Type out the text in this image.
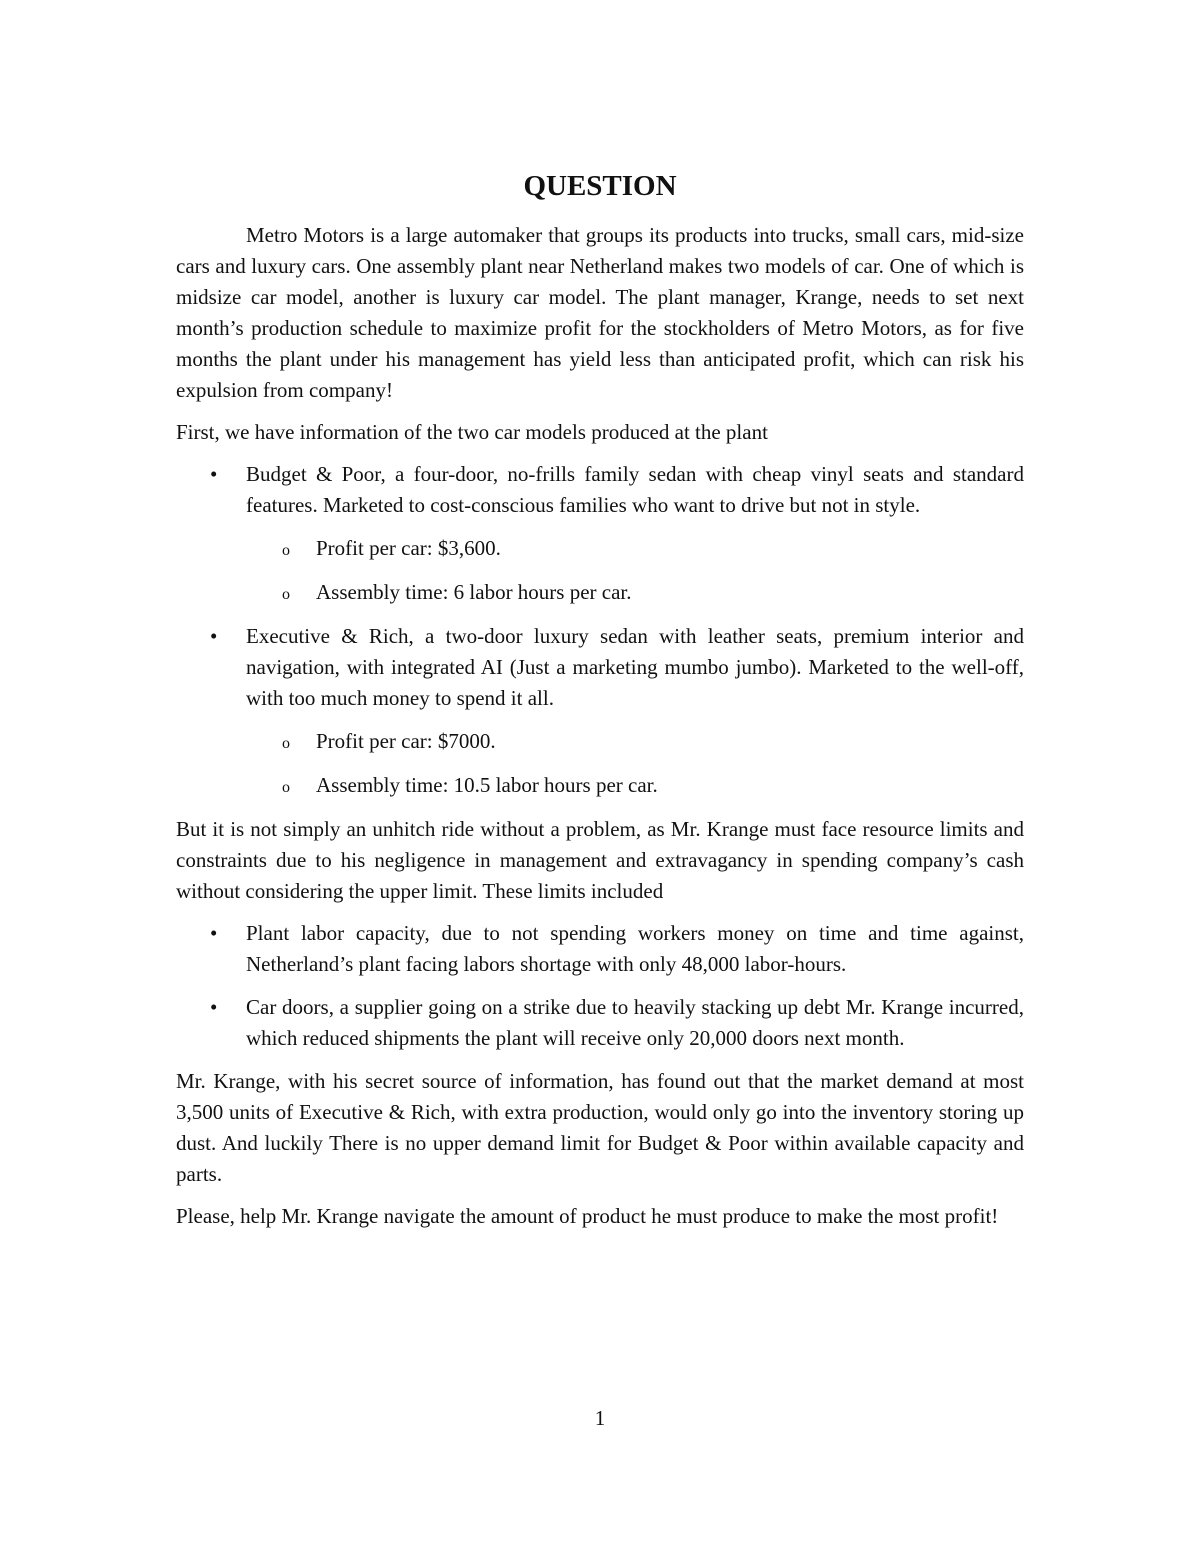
QUESTION

Metro Motors is a large automaker that groups its products into trucks, small cars, mid-size cars and luxury cars. One assembly plant near Netherland makes two models of car. One of which is midsize car model, another is luxury car model. The plant manager, Krange, needs to set next month’s production schedule to maximize profit for the stockholders of Metro Motors, as for five months the plant under his management has yield less than anticipated profit, which can risk his expulsion from company!

First, we have information of the two car models produced at the plant

• Budget & Poor, a four-door, no-frills family sedan with cheap vinyl seats and standard features. Marketed to cost-conscious families who want to drive but not in style.
o Profit per car: $3,600.
o Assembly time: 6 labor hours per car.
• Executive & Rich, a two-door luxury sedan with leather seats, premium interior and navigation, with integrated AI (Just a marketing mumbo jumbo). Marketed to the well-off, with too much money to spend it all.
o Profit per car: $7000.
o Assembly time: 10.5 labor hours per car.

But it is not simply an unhitch ride without a problem, as Mr. Krange must face resource limits and constraints due to his negligence in management and extravagancy in spending company’s cash without considering the upper limit. These limits included

• Plant labor capacity, due to not spending workers money on time and time against, Netherland’s plant facing labors shortage with only 48,000 labor-hours.
• Car doors, a supplier going on a strike due to heavily stacking up debt Mr. Krange incurred, which reduced shipments the plant will receive only 20,000 doors next month.

Mr. Krange, with his secret source of information, has found out that the market demand at most 3,500 units of Executive & Rich, with extra production, would only go into the inventory storing up dust. And luckily There is no upper demand limit for Budget & Poor within available capacity and parts.

Please, help Mr. Krange navigate the amount of product he must produce to make the most profit!

1
